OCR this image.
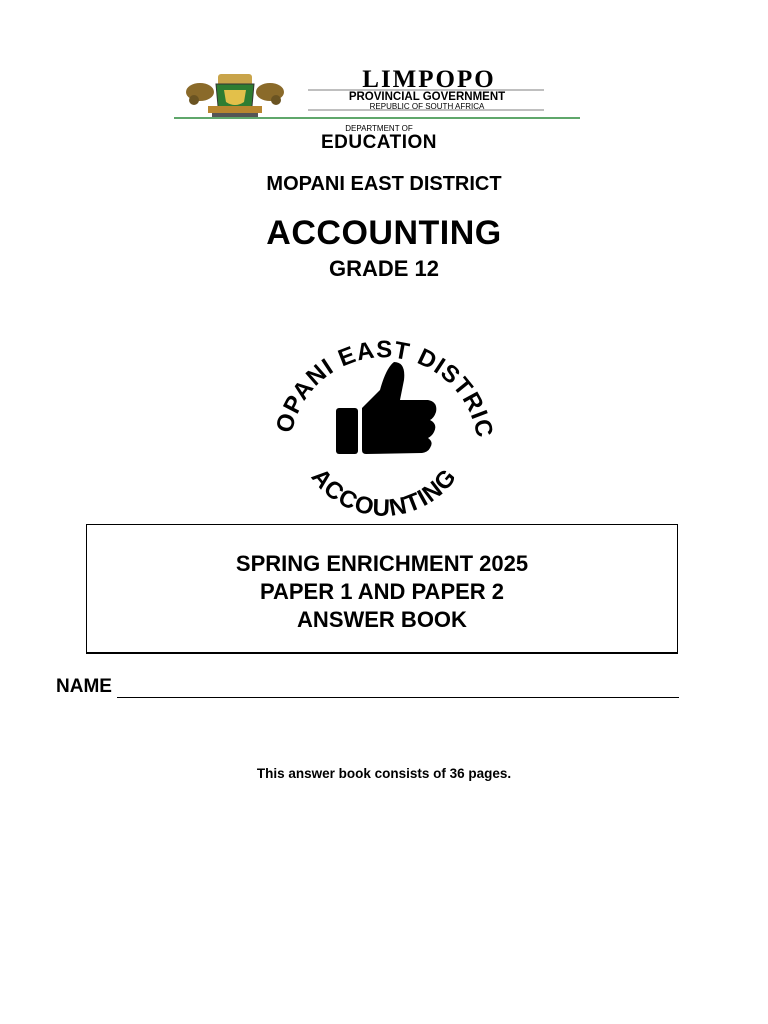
LIMPOPO
PROVINCIAL GOVERNMENT
REPUBLIC OF SOUTH AFRICA
DEPARTMENT OF
EDUCATION
MOPANI EAST DISTRICT
ACCOUNTING
GRADE 12
OPANI EAST DISTRIC
ACCOUNTING
SPRING ENRICHMENT 2025
PAPER 1 AND PAPER 2
ANSWER BOOK
NAME
This answer book consists of 36 pages.
